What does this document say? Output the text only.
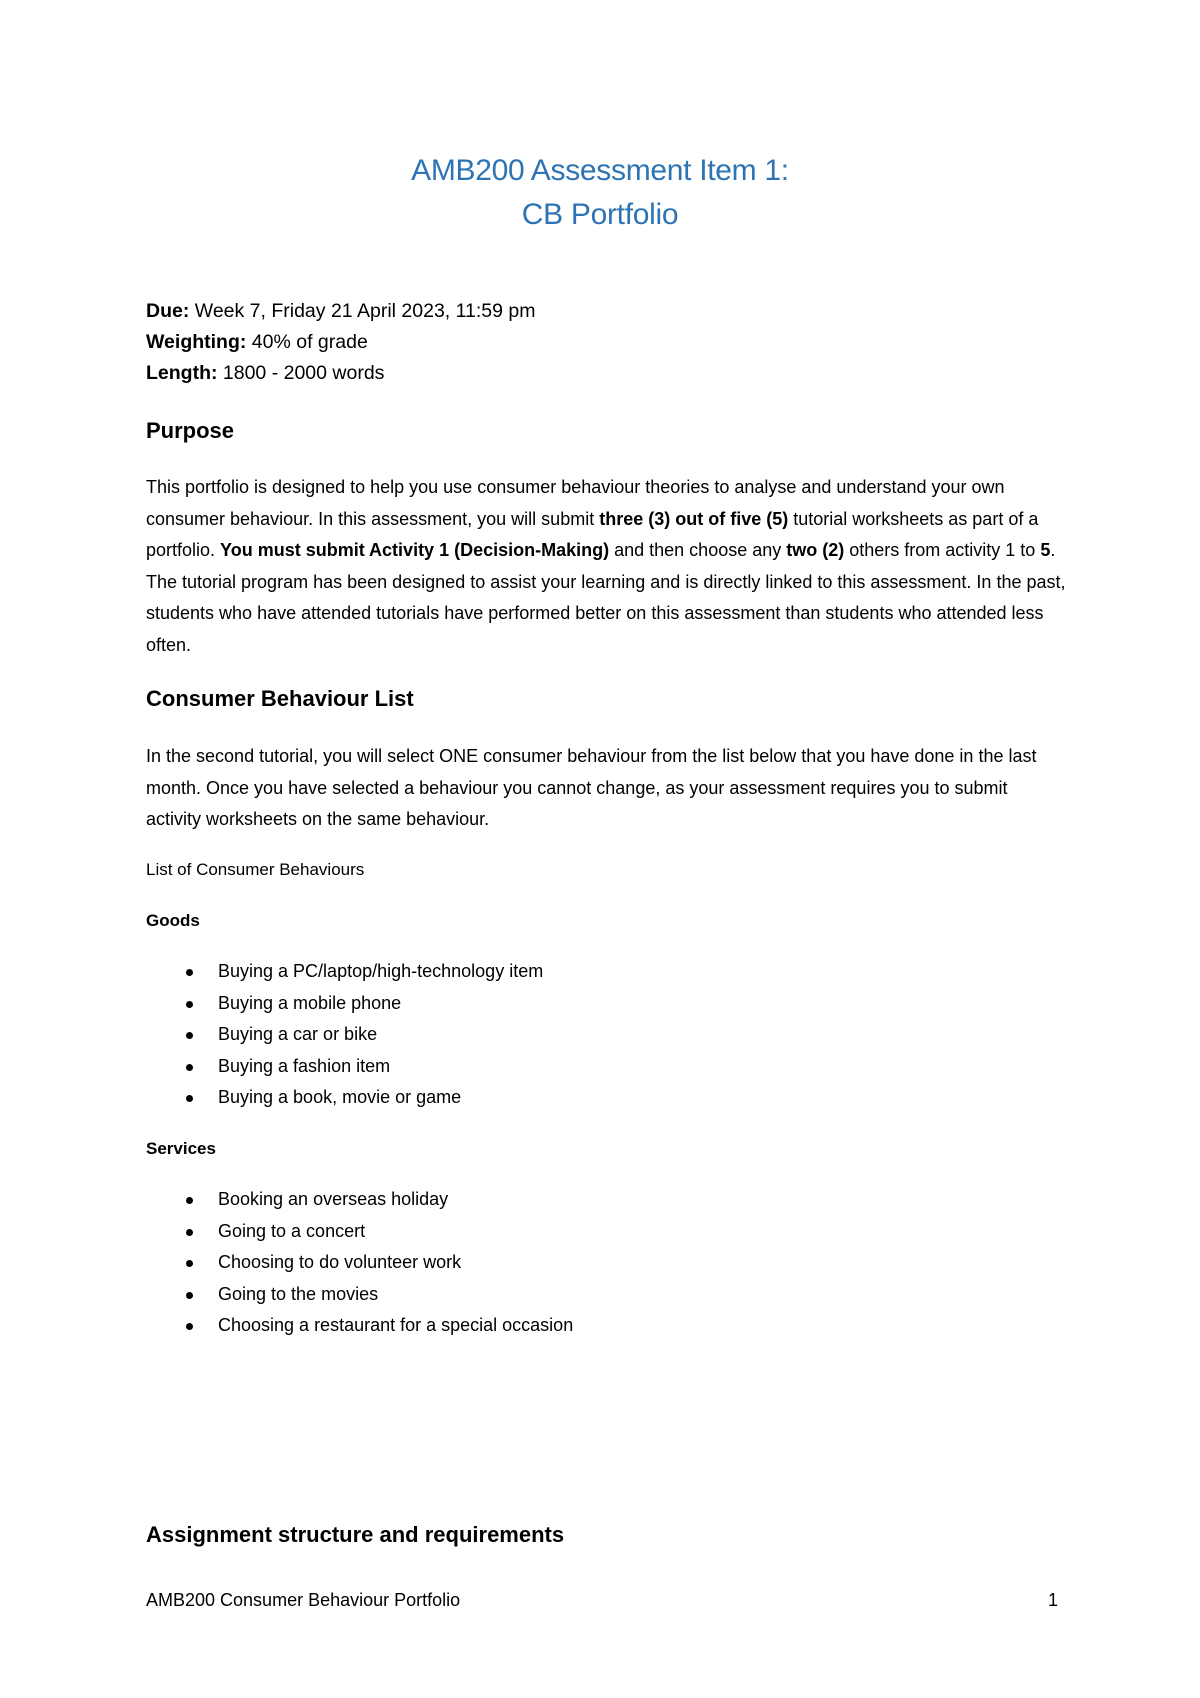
AMB200 Assessment Item 1:
CB Portfolio
Due: Week 7, Friday 21 April 2023, 11:59 pm
Weighting: 40% of grade
Length: 1800 - 2000 words
Purpose

This portfolio is designed to help you use consumer behaviour theories to analyse and understand your own consumer behaviour. In this assessment, you will submit three (3) out of five (5) tutorial worksheets as part of a portfolio. You must submit Activity 1 (Decision-Making) and then choose any two (2) others from activity 1 to 5. The tutorial program has been designed to assist your learning and is directly linked to this assessment. In the past, students who have attended tutorials have performed better on this assessment than students who attended less often.

Consumer Behaviour List

In the second tutorial, you will select ONE consumer behaviour from the list below that you have done in the last month. Once you have selected a behaviour you cannot change, as your assessment requires you to submit activity worksheets on the same behaviour.

List of Consumer Behaviours

Goods

Buying a PC/laptop/high-technology item
Buying a mobile phone
Buying a car or bike
Buying a fashion item
Buying a book, movie or game

Services

Booking an overseas holiday
Going to a concert
Choosing to do volunteer work
Going to the movies
Choosing a restaurant for a special occasion
Assignment structure and requirements
AMB200 Consumer Behaviour Portfolio	1
